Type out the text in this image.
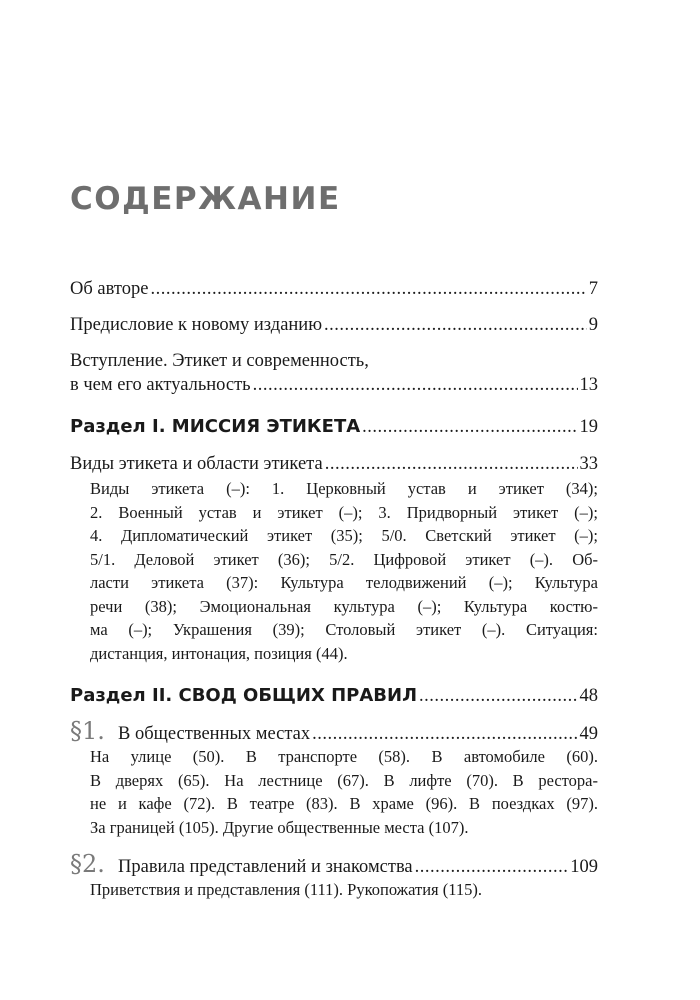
СОДЕРЖАНИЕ
Об авторе .....	7
Предисловие к новому изданию .....	9
Вступление. Этикет и современность,
в чем его актуальность .....	13
Раздел I. МИССИЯ ЭТИКЕТА .....	19
Виды этикета и области этикета .....	33
Виды этикета (–): 1. Церковный устав и этикет (34);
2. Военный устав и этикет (–); 3. Придворный этикет (–);
4. Дипломатический этикет (35); 5/0. Светский этикет (–);
5/1. Деловой этикет (36); 5/2. Цифровой этикет (–). Об-
ласти этикета (37): Культура телодвижений (–); Культура
речи (38); Эмоциональная культура (–); Культура костю-
ма (–); Украшения (39); Столовый этикет (–). Ситуация:
дистанция, интонация, позиция (44).
Раздел II. СВОД ОБЩИХ ПРАВИЛ .....	48
§1. В общественных местах .....	49
На улице (50). В транспорте (58). В автомобиле (60).
В дверях (65). На лестнице (67). В лифте (70). В рестора-
не и кафе (72). В театре (83). В храме (96). В поездках (97).
За границей (105). Другие общественные места (107).
§2. Правила представлений и знакомства .....	109
Приветствия и представления (111). Рукопожатия (115).
